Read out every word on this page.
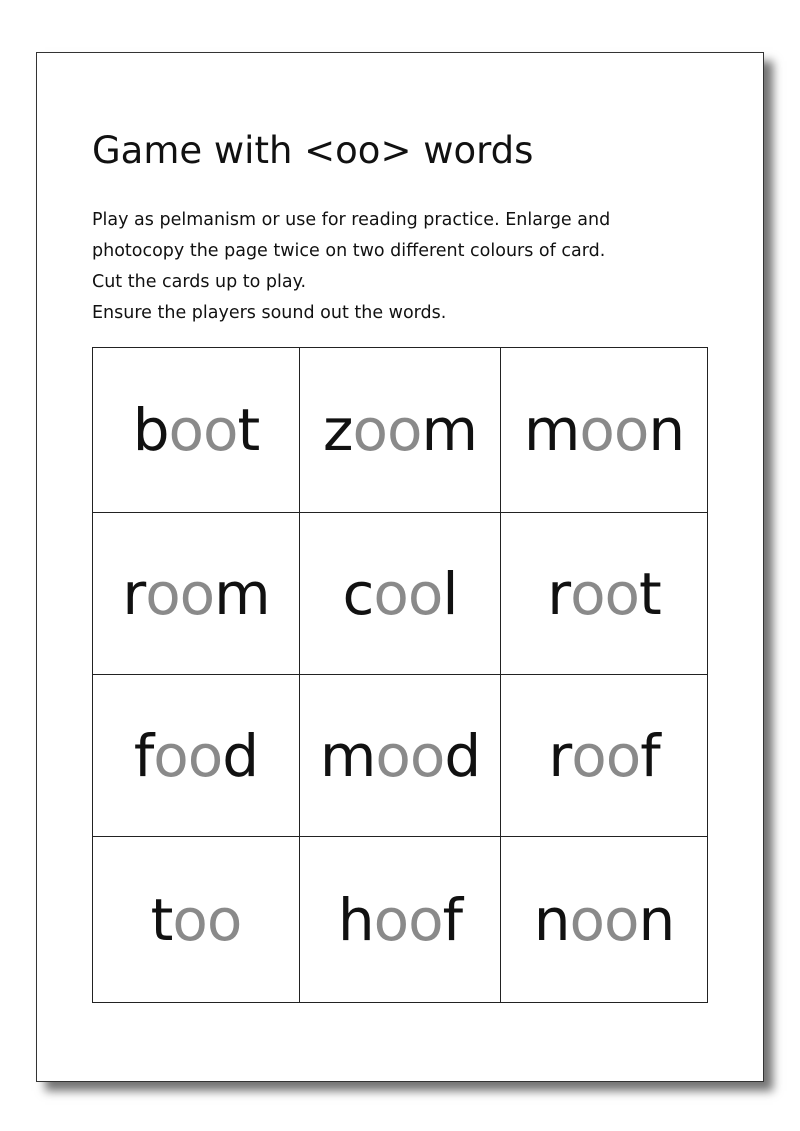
Game with <oo> words
Play as pelmanism or use for reading practice. Enlarge and
photocopy the page twice on two different colours of card.
Cut the cards up to play.
Ensure the players sound out the words.
b oo t z oo m m oo n
r oo m c oo l r oo t
f oo d m oo d r oo f
t oo h oo f n oo n
